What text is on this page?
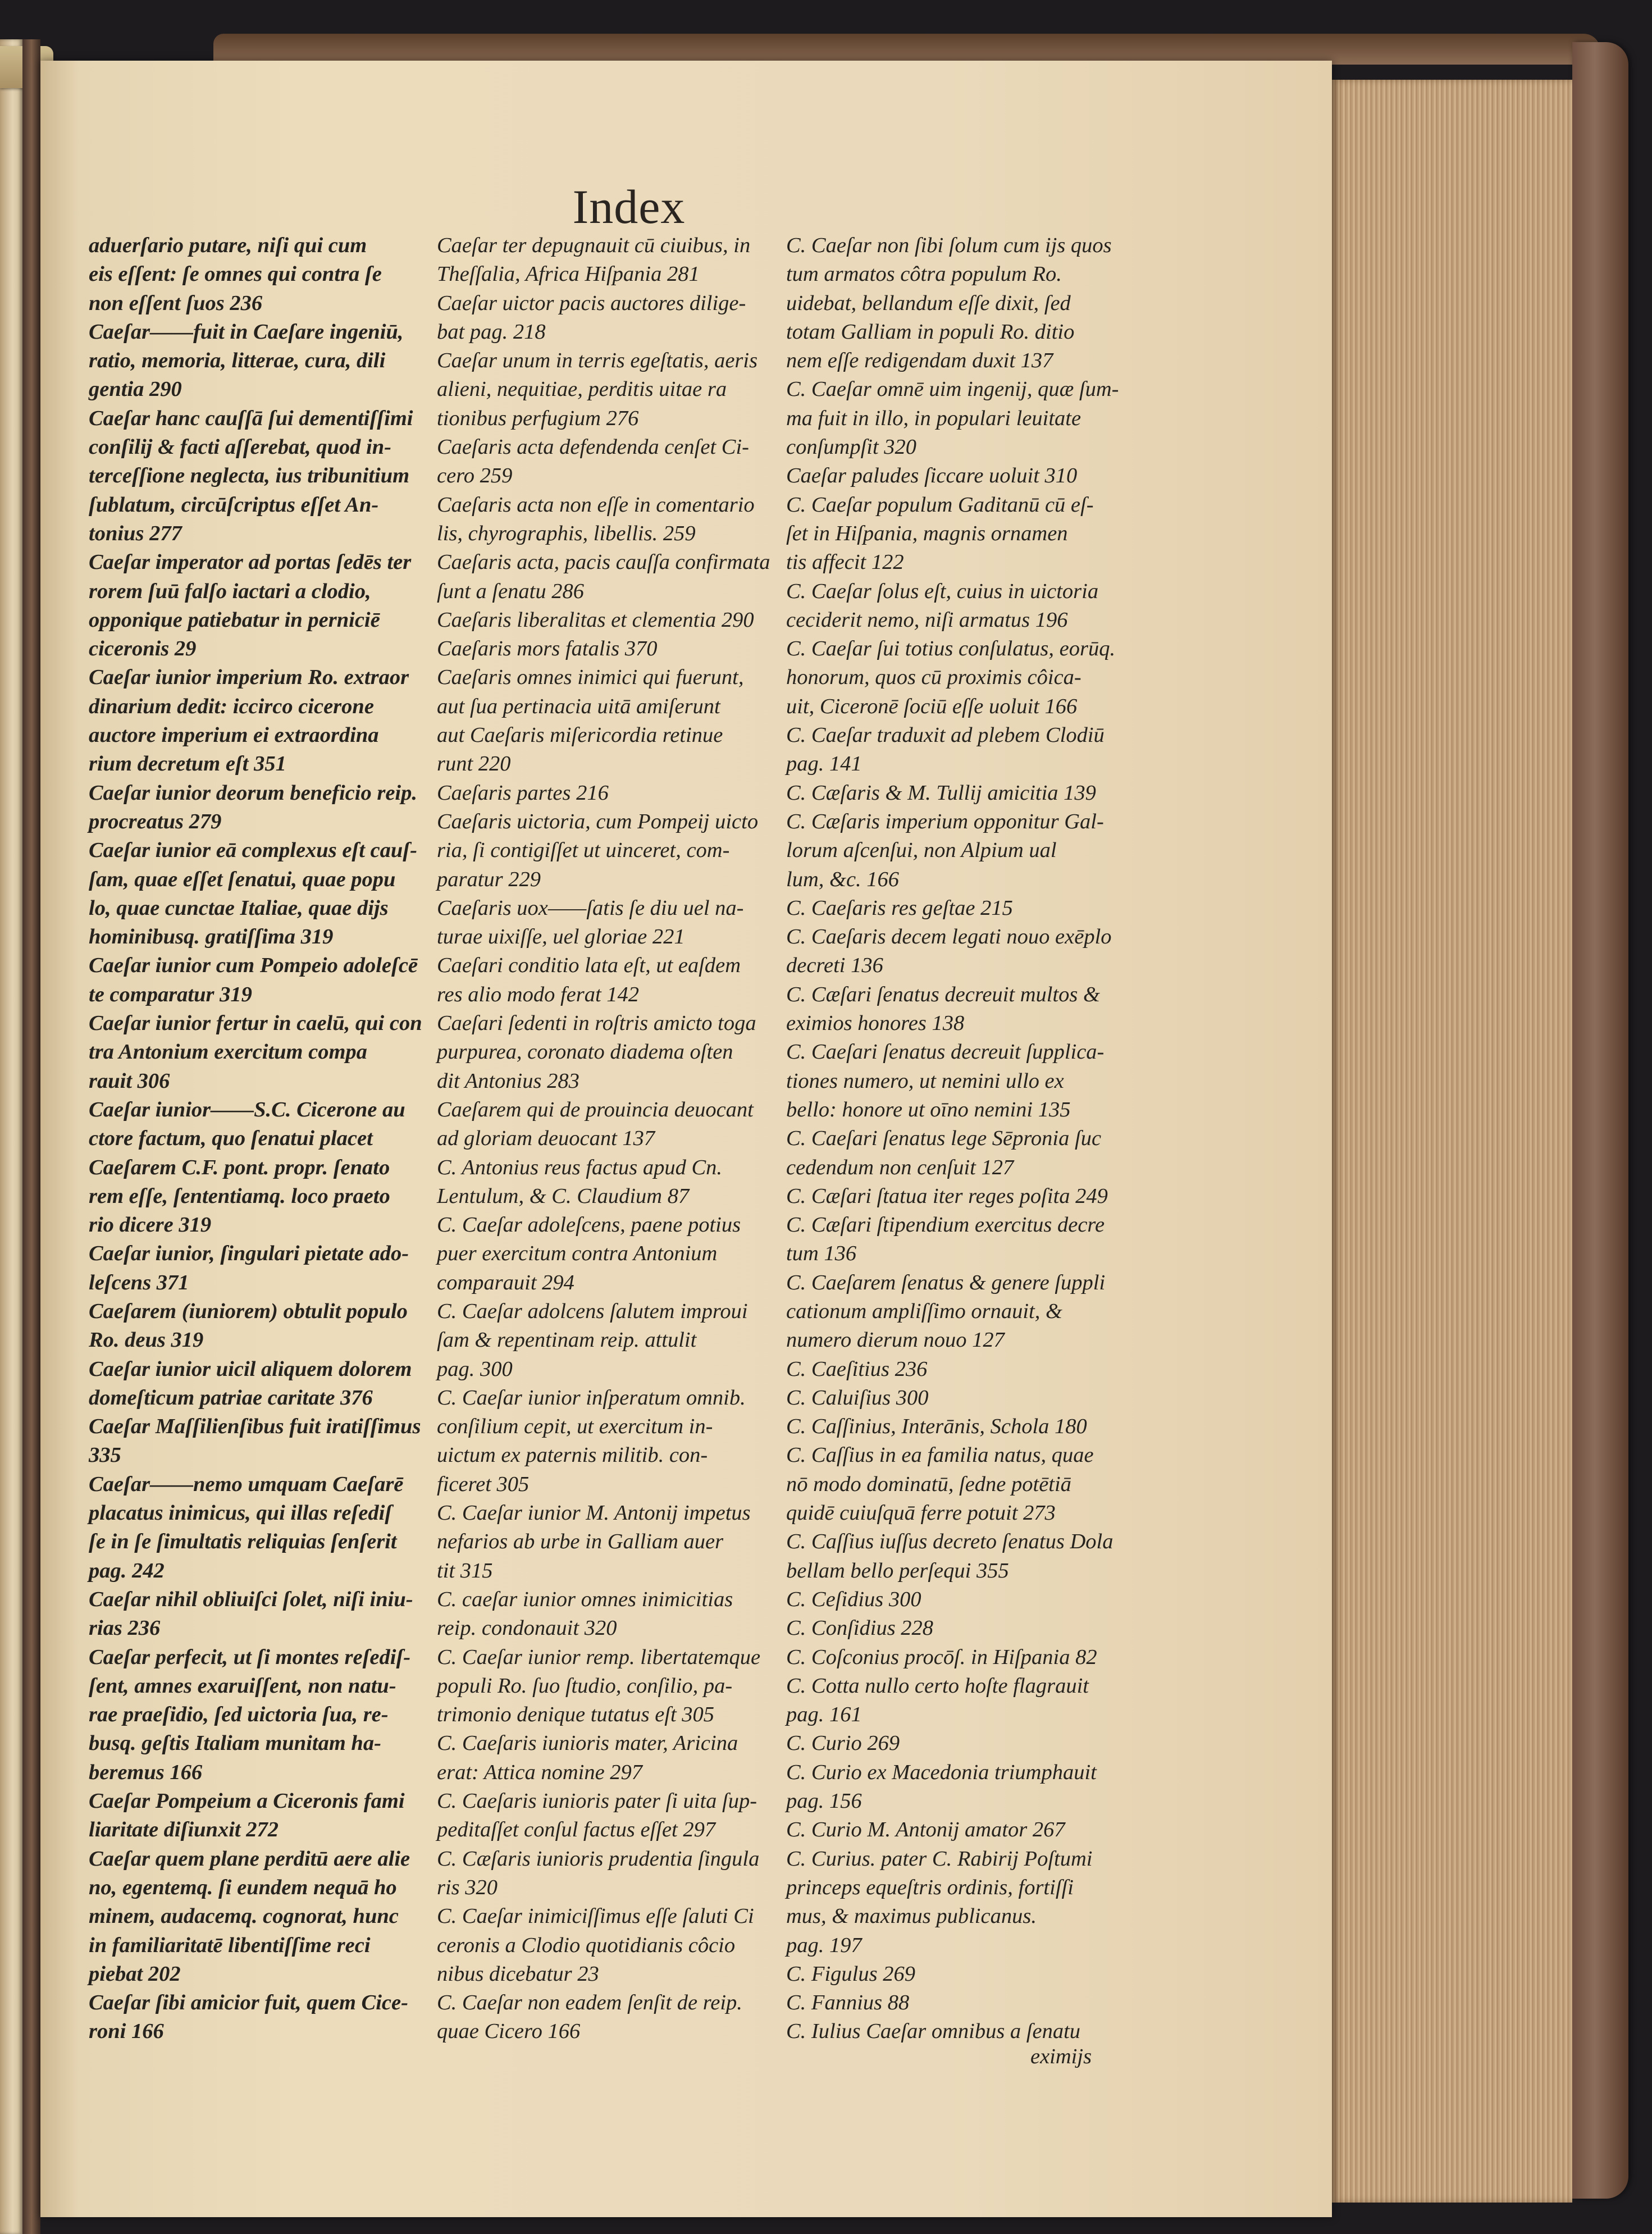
Index
aduerſario putare, niſi qui cum
eis eſſent: ſe omnes qui contra ſe
non eſſent ſuos 236
Caeſar——fuit in Caeſare ingeniū,
ratio, memoria, litterae, cura, dili
gentia 290
Caeſar hanc cauſſā ſui dementiſſimi
conſilij & facti aſſerebat, quod in-
terceſſione neglecta, ius tribunitium
ſublatum, circūſcriptus eſſet An-
tonius 277
Caeſar imperator ad portas ſedēs ter
rorem ſuū falſo iactari a clodio,
opponique patiebatur in perniciē
ciceronis 29
Caeſar iunior imperium Ro. extraor
dinarium dedit: iccirco cicerone
auctore imperium ei extraordina
rium decretum eſt 351
Caeſar iunior deorum beneficio reip.
procreatus 279
Caeſar iunior eā complexus eſt cauſ-
ſam, quae eſſet ſenatui, quae popu
lo, quae cunctae Italiae, quae dijs
hominibusq. gratiſſima 319
Caeſar iunior cum Pompeio adoleſcē
te comparatur 319
Caeſar iunior fertur in caelū, qui con
tra Antonium exercitum compa
rauit 306
Caeſar iunior——S.C. Cicerone au
ctore factum, quo ſenatui placet
Caeſarem C.F. pont. propr. ſenato
rem eſſe, ſententiamq. loco praeto
rio dicere 319
Caeſar iunior, ſingulari pietate ado-
leſcens 371
Caeſarem (iuniorem) obtulit populo
Ro. deus 319
Caeſar iunior uicil aliquem dolorem
domeſticum patriae caritate 376
Caeſar Maſſilienſibus fuit iratiſſimus
335
Caeſar——nemo umquam Caeſarē
placatus inimicus, qui illas reſediſ
ſe in ſe ſimultatis reliquias ſenſerit
pag. 242
Caeſar nihil obliuiſci ſolet, niſi iniu-
rias 236
Caeſar perfecit, ut ſi montes reſediſ-
ſent, amnes exaruiſſent, non natu-
rae praeſidio, ſed uictoria ſua, re-
busq. geſtis Italiam munitam ha-
beremus 166
Caeſar Pompeium a Ciceronis fami
liaritate diſiunxit 272
Caeſar quem plane perditū aere alie
no, egentemq. ſi eundem nequā ho
minem, audacemq. cognorat, hunc
in familiaritatē libentiſſime reci
piebat 202
Caeſar ſibi amicior fuit, quem Cice-
roni 166
Caeſar ter depugnauit cū ciuibus, in
Theſſalia, Africa Hiſpania 281
Caeſar uictor pacis auctores dilige-
bat pag. 218
Caeſar unum in terris egeſtatis, aeris
alieni, nequitiae, perditis uitae ra
tionibus perfugium 276
Caeſaris acta defendenda cenſet Ci-
cero 259
Caeſaris acta non eſſe in comentario
lis, chyrographis, libellis. 259
Caeſaris acta, pacis cauſſa confirmata
ſunt a ſenatu 286
Caeſaris liberalitas et clementia 290
Caeſaris mors fatalis 370
Caeſaris omnes inimici qui fuerunt,
aut ſua pertinacia uitā amiſerunt
aut Caeſaris miſericordia retinue
runt 220
Caeſaris partes 216
Caeſaris uictoria, cum Pompeij uicto
ria, ſi contigiſſet ut uinceret, com-
paratur 229
Caeſaris uox——ſatis ſe diu uel na-
turae uixiſſe, uel gloriae 221
Caeſari conditio lata eſt, ut eaſdem
res alio modo ferat 142
Caeſari ſedenti in roſtris amicto toga
purpurea, coronato diadema oſten
dit Antonius 283
Caeſarem qui de prouincia deuocant
ad gloriam deuocant 137
C. Antonius reus factus apud Cn.
Lentulum, & C. Claudium 87
C. Caeſar adoleſcens, paene potius
puer exercitum contra Antonium
comparauit 294
C. Caeſar adolcens ſalutem improui
ſam & repentinam reip. attulit
pag. 300
C. Caeſar iunior inſperatum omnib.
conſilium cepit, ut exercitum in-
uictum ex paternis militib. con-
ficeret 305
C. Caeſar iunior M. Antonij impetus
nefarios ab urbe in Galliam auer
tit 315
C. caeſar iunior omnes inimicitias
reip. condonauit 320
C. Caeſar iunior remp. libertatemque
populi Ro. ſuo ſtudio, conſilio, pa-
trimonio denique tutatus eſt 305
C. Caeſaris iunioris mater, Aricina
erat: Attica nomine 297
C. Caeſaris iunioris pater ſi uita ſup-
peditaſſet conſul factus eſſet 297
C. Cæſaris iunioris prudentia ſingula
ris 320
C. Caeſar inimiciſſimus eſſe ſaluti Ci
ceronis a Clodio quotidianis côcio
nibus dicebatur 23
C. Caeſar non eadem ſenſit de reip.
quae Cicero 166
C. Caeſar non ſibi ſolum cum ijs quos
tum armatos côtra populum Ro.
uidebat, bellandum eſſe dixit, ſed
totam Galliam in populi Ro. ditio
nem eſſe redigendam duxit 137
C. Caeſar omnē uim ingenij, quæ ſum-
ma fuit in illo, in populari leuitate
conſumpſit 320
Caeſar paludes ſiccare uoluit 310
C. Caeſar populum Gaditanū cū eſ-
ſet in Hiſpania, magnis ornamen
tis affecit 122
C. Caeſar ſolus eſt, cuius in uictoria
ceciderit nemo, niſi armatus 196
C. Caeſar ſui totius conſulatus, eorūq.
honorum, quos cū proximis côica-
uit, Ciceronē ſociū eſſe uoluit 166
C. Caeſar traduxit ad plebem Clodiū
pag. 141
C. Cæſaris & M. Tullij amicitia 139
C. Cæſaris imperium opponitur Gal-
lorum aſcenſui, non Alpium ual
lum, &c. 166
C. Caeſaris res geſtae 215
C. Caeſaris decem legati nouo exēplo
decreti 136
C. Cæſari ſenatus decreuit multos &
eximios honores 138
C. Caeſari ſenatus decreuit ſupplica-
tiones numero, ut nemini ullo ex
bello: honore ut oīno nemini 135
C. Caeſari ſenatus lege Sēpronia ſuc
cedendum non cenſuit 127
C. Cæſari ſtatua iter reges poſita 249
C. Cæſari ſtipendium exercitus decre
tum 136
C. Caeſarem ſenatus & genere ſuppli
cationum ampliſſimo ornauit, &
numero dierum nouo 127
C. Caeſitius 236
C. Caluiſius 300
C. Caſſinius, Interānis, Schola 180
C. Caſſius in ea familia natus, quae
nō modo dominatū, ſedne potētiā
quidē cuiuſquā ferre potuit 273
C. Caſſius iuſſus decreto ſenatus Dola
bellam bello perſequi 355
C. Ceſidius 300
C. Conſidius 228
C. Coſconius procōſ. in Hiſpania 82
C. Cotta nullo certo hoſte flagrauit
pag. 161
C. Curio 269
C. Curio ex Macedonia triumphauit
pag. 156
C. Curio M. Antonij amator 267
C. Curius. pater C. Rabirij Poſtumi
princeps equeſtris ordinis, fortiſſi
mus, & maximus publicanus.
pag. 197
C. Figulus 269
C. Fannius 88
C. Iulius Caeſar omnibus a ſenatu
eximijs
